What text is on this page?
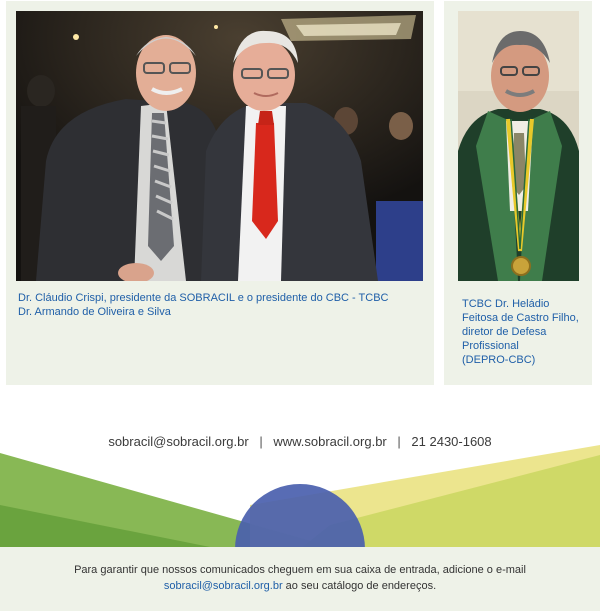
Dr. Cláudio Crispi, presidente da SOBRACIL e o presidente do CBC - TCBC
Dr. Armando de Oliveira e Silva
TCBC Dr. Heládio
Feitosa de Castro Filho,
diretor de Defesa
Profissional
(DEPRO-CBC)
sobracil@sobracil.org.br | www.sobracil.org.br | 21 2430-1608
Para garantir que nossos comunicados cheguem em sua caixa de entrada, adicione o e-mail
sobracil@sobracil.org.br ao seu catálogo de endereços.
